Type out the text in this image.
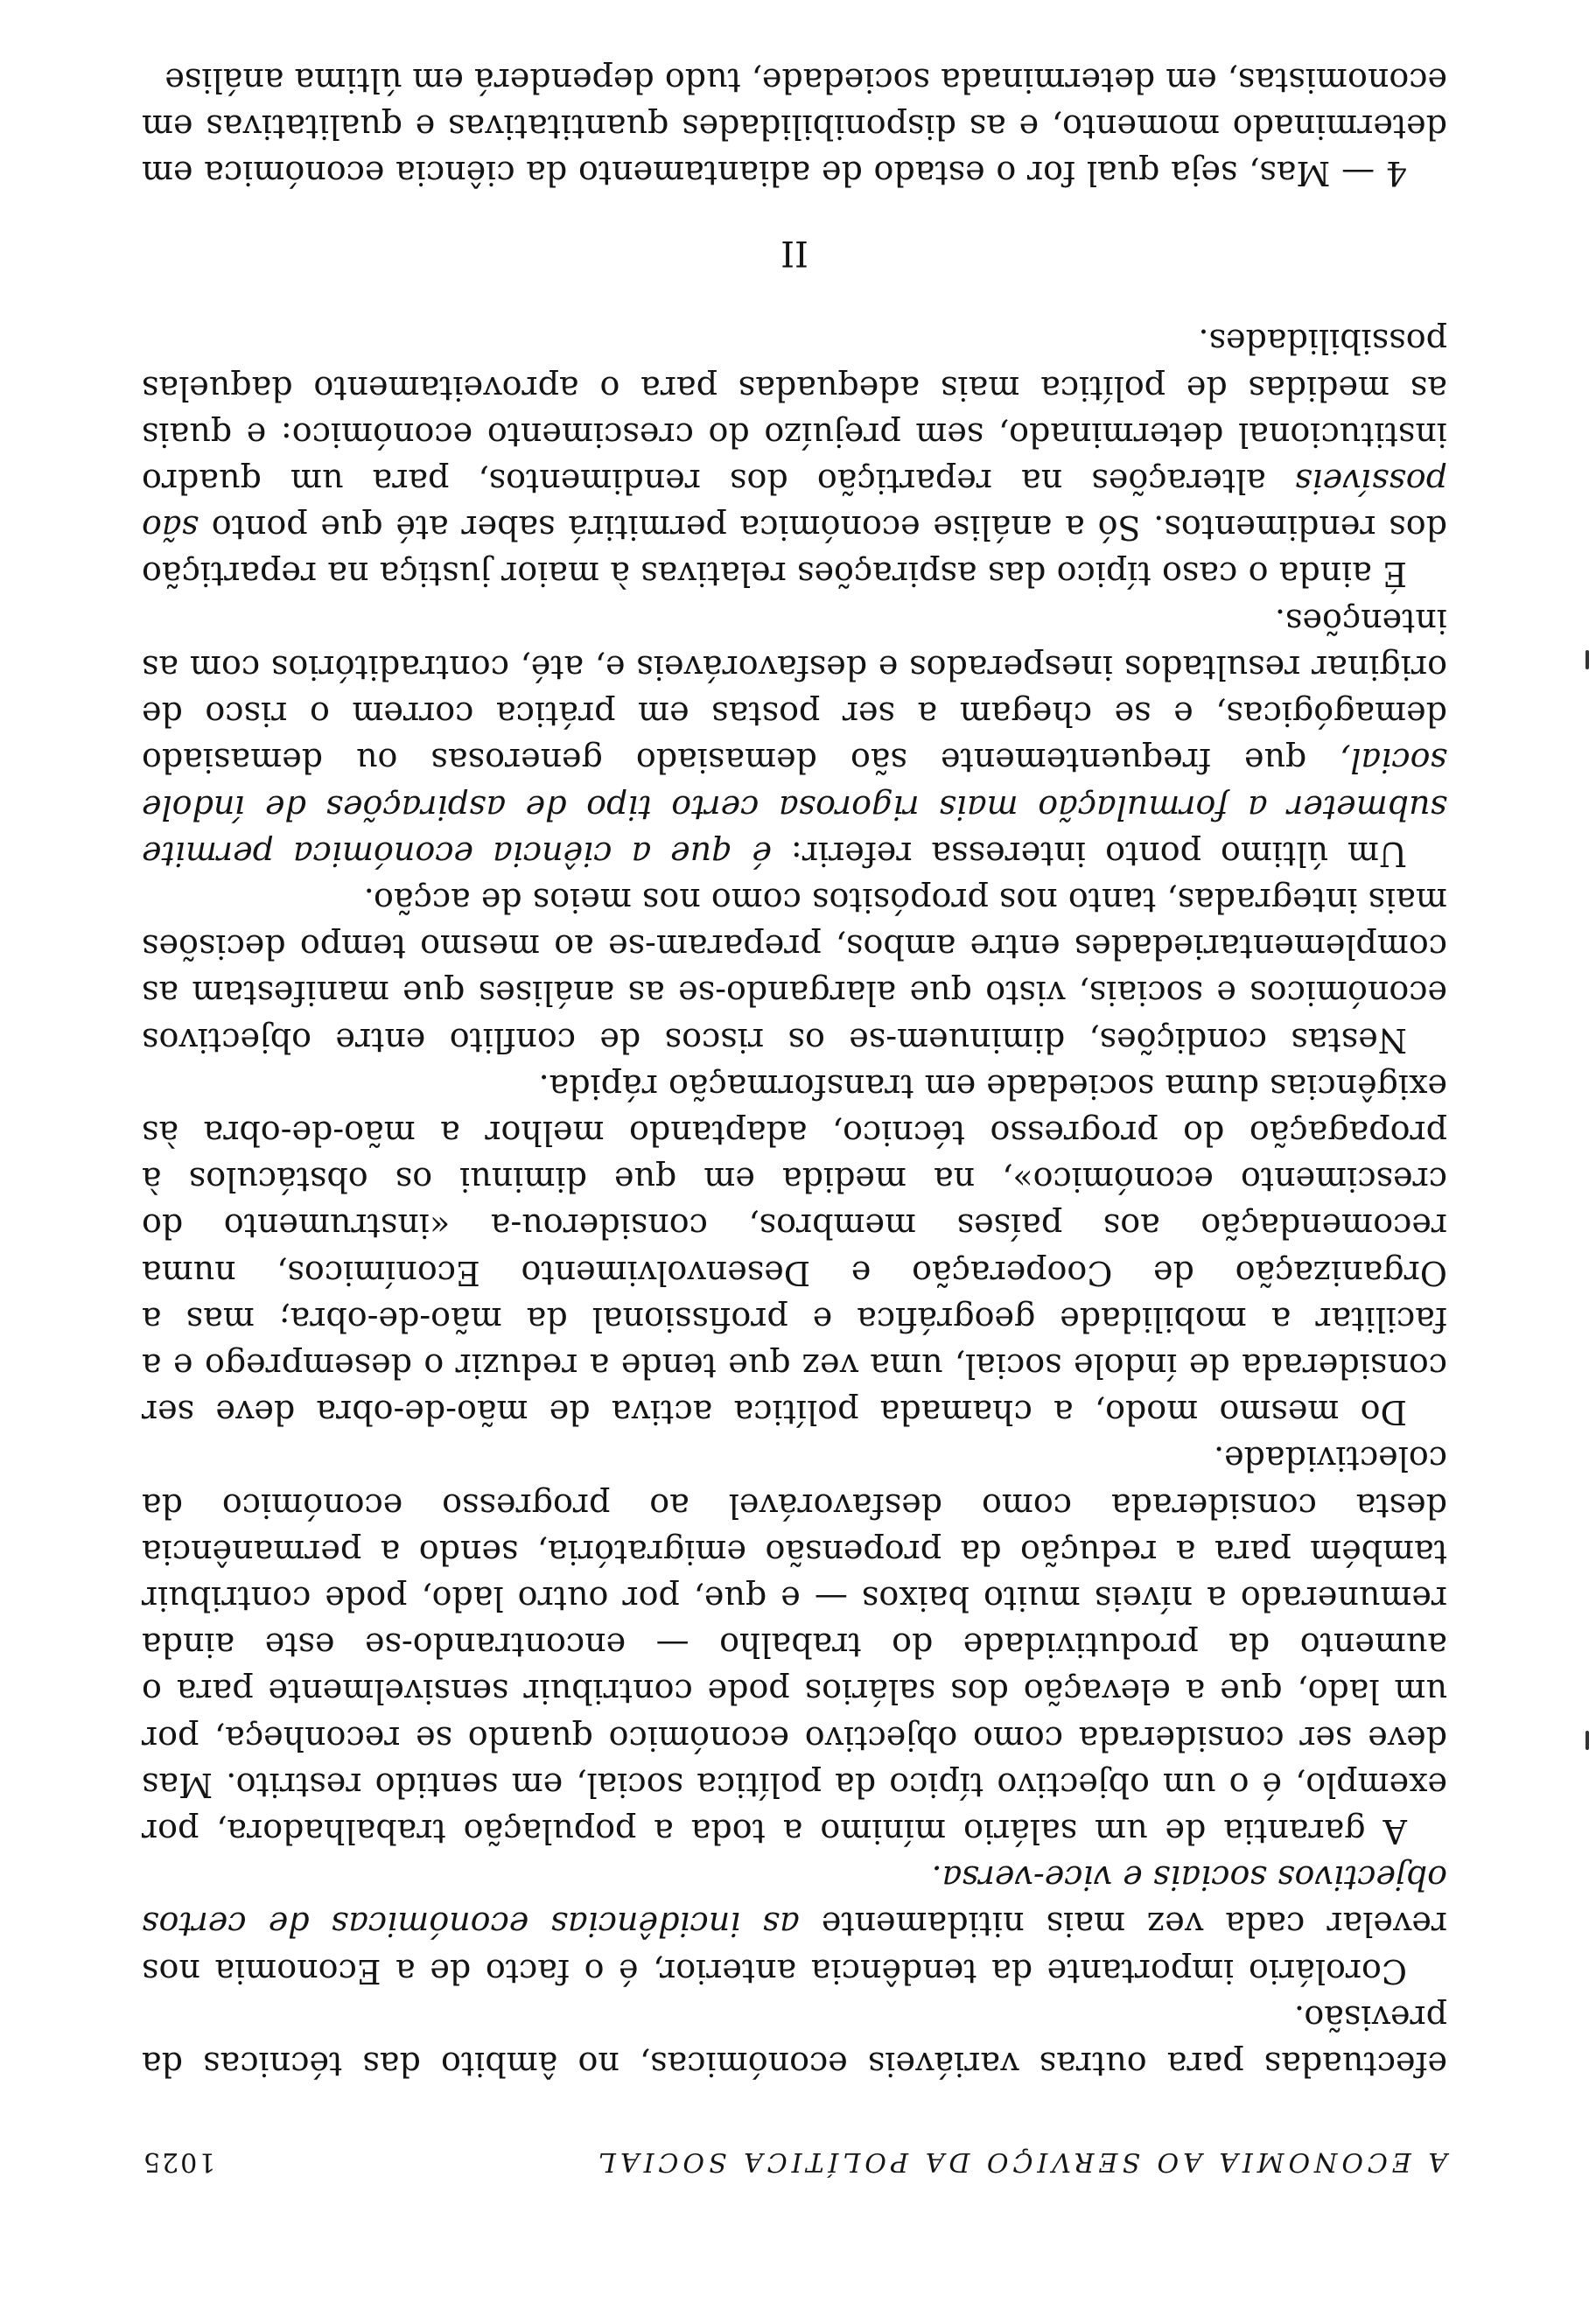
A ECONOMIA AO SERVIÇO DA POLÍTICA SOCIAL
1025

efectuadas para outras variáveis económicas, no âmbito das técnicas da previsão.

Corolário importante da tendência anterior, é o facto de a Economia nos revelar cada vez mais nitidamente as incidências económicas de certos objectivos sociais e vice-versa.

A garantia de um salário mínimo a toda a população trabalhadora, por exemplo, é o um objectivo típico da política social, em sentido restrito. Mas deve ser considerada como objectivo económico quando se reconheça, por um lado, que a elevação dos salários pode contribuir sensivelmente para o aumento da produtividade do trabalho — encontrando-se este ainda remunerado a níveis muito baixos — e que, por outro lado, pode contribuir também para a redução da propensão emigratória, sendo a permanência desta considerada como desfavorável ao progresso económico da colectividade.

Do mesmo modo, a chamada política activa de mão-de-obra deve ser considerada de índole social, uma vez que tende a reduzir o desemprego e a facilitar a mobilidade geográfica e profissional da mão-de-obra; mas a Organização de Cooperação e Desenvolvimento Econímicos, numa recomendação aos países membros, considerou-a «instrumento do crescimento económico», na medida em que diminui os obstáculos à propagação do progresso técnico, adaptando melhor a mão-de-obra às exigências duma sociedade em transformação rápida.

Nestas condições, diminuem-se os riscos de conflito entre objectivos económicos e sociais, visto que alargando-se as análises que manifestam as complementariedades entre ambos, preparam-se ao mesmo tempo decisões mais integradas, tanto nos propósitos como nos meios de acção.

Um último ponto interessa referir: é que a ciência económica permite submeter a formulação mais rigorosa certo tipo de aspirações de índole social, que frequentemente são demasiado generosas ou demasiado demagógicas, e se chegam a ser postas em prática correm o risco de originar resultados inesperados e desfavoráveis e, até, contraditórios com as intenções.

É ainda o caso típico das aspirações relativas à maior justiça na repartição dos rendimentos. Só a análise económica permitirá saber até que ponto são possíveis alterações na repartição dos rendimentos, para um quadro institucional determinado, sem prejuízo do crescimento económico: e quais as medidas de política mais adequadas para o aproveitamento daquelas possibilidades.

II

4 — Mas, seja qual for o estado de adiantamento da ciência económica em determinado momento, e as disponibilidades quantitativas e qualitativas em economistas, em determinada sociedade, tudo dependerá em última análise
